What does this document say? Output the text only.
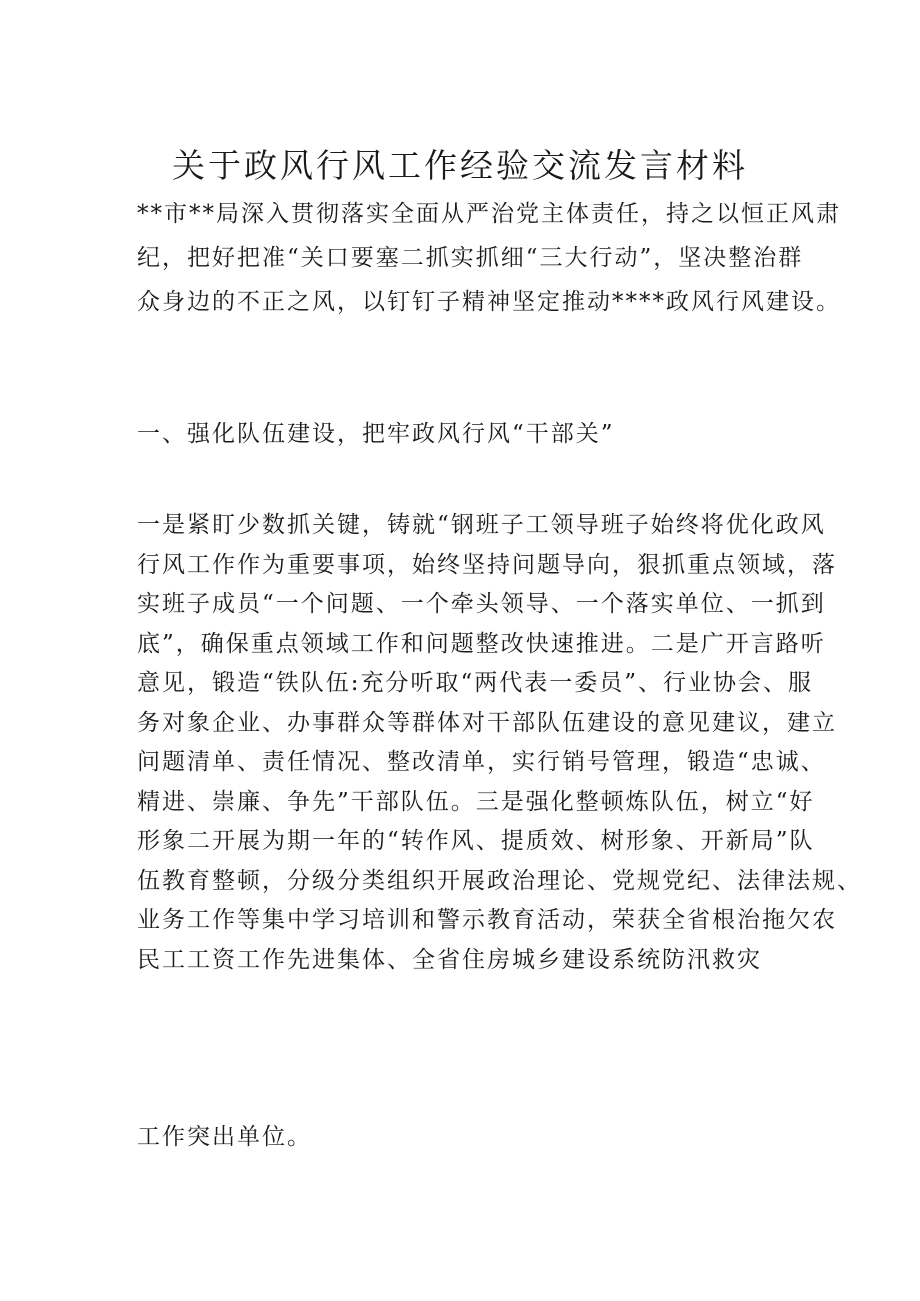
关于政风行风工作经验交流发言材料
**市**局深入贯彻落实全面从严治党主体责任，持之以恒正风肃
纪，把好把准“关口要塞二抓实抓细“三大行动”，坚决整治群
众身边的不正之风，以钉钉子精神坚定推动****政风行风建设。
一、强化队伍建设，把牢政风行风“干部关”
一是紧盯少数抓关键，铸就“钢班子工领导班子始终将优化政风
行风工作作为重要事项，始终坚持问题导向，狠抓重点领域，落
实班子成员“一个问题、一个牵头领导、一个落实单位、一抓到
底”，确保重点领域工作和问题整改快速推进。二是广开言路听
意见，锻造“铁队伍:充分听取“两代表一委员”、行业协会、服
务对象企业、办事群众等群体对干部队伍建设的意见建议，建立
问题清单、责任情况、整改清单，实行销号管理，锻造“忠诚、
精进、崇廉、争先”干部队伍。三是强化整顿炼队伍，树立“好
形象二开展为期一年的“转作风、提质效、树形象、开新局”队
伍教育整顿，分级分类组织开展政治理论、党规党纪、法律法规、
业务工作等集中学习培训和警示教育活动，荣获全省根治拖欠农
民工工资工作先进集体、全省住房城乡建设系统防汛救灾
工作突出单位。
